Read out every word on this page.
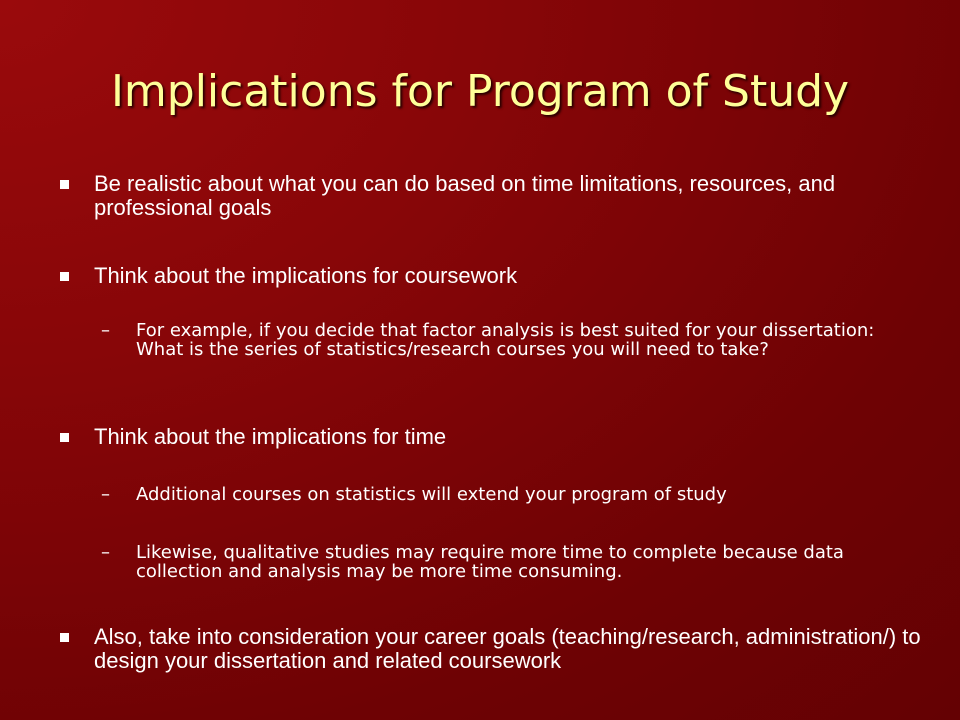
Implications for Program of Study
Be realistic about what you can do based on time limitations, resources, and professional goals
Think about the implications for coursework
– For example, if you decide that factor analysis is best suited for your dissertation: What is the series of statistics/research courses you will need to take?
Think about the implications for time
– Additional courses on statistics will extend your program of study
– Likewise, qualitative studies may require more time to complete because data collection and analysis may be more time consuming.
Also, take into consideration your career goals (teaching/research, administration/) to design your dissertation and related coursework
